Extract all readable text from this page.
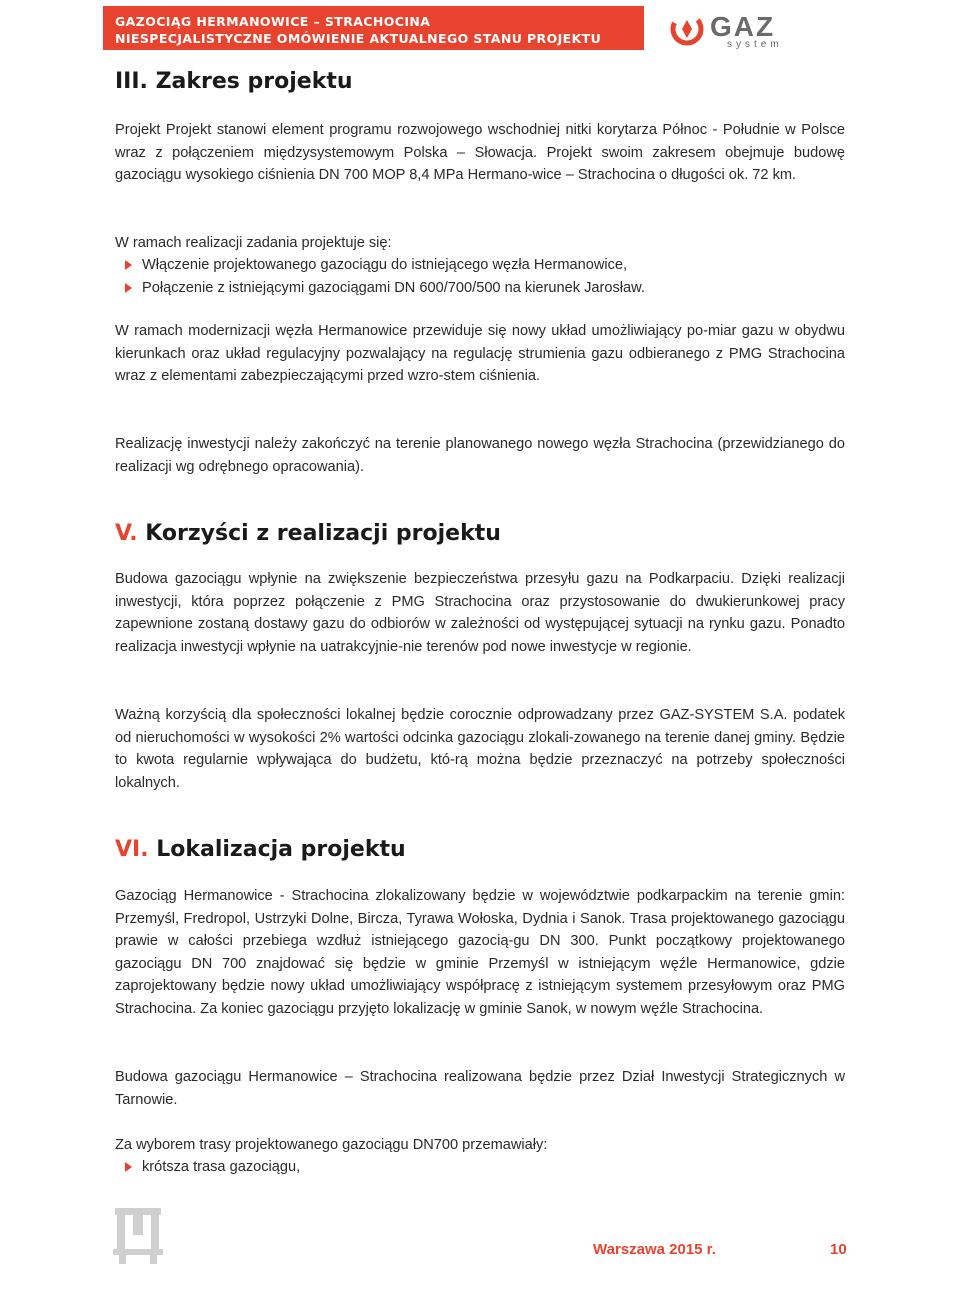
GAZOCIĄG HERMANOWICE – STRACHOCINA
NIESPECJALISTYCZNE OMÓWIENIE AKTUALNEGO STANU PROJEKTU	GAZ
system
III. Zakres projektu

Projekt Projekt stanowi element programu rozwojowego wschodniej nitki korytarza Północ - Południe w Polsce wraz z połączeniem międzysystemowym Polska – Słowacja. Projekt swoim zakresem obejmuje budowę gazociągu wysokiego ciśnienia DN 700 MOP 8,4 MPa Hermano-wice – Strachocina o długości ok. 72 km.

W ramach realizacji zadania projektuje się:

Włączenie projektowanego gazociągu do istniejącego węzła Hermanowice,
Połączenie z istniejącymi gazociągami DN 600/700/500 na kierunek Jarosław.

W ramach modernizacji węzła Hermanowice przewiduje się nowy układ umożliwiający po-miar gazu w obydwu kierunkach oraz układ regulacyjny pozwalający na regulację strumienia gazu odbieranego z PMG Strachocina wraz z elementami zabezpieczającymi przed wzro-stem ciśnienia.

Realizację inwestycji należy zakończyć na terenie planowanego nowego węzła Strachocina (przewidzianego do realizacji wg odrębnego opracowania).

V. Korzyści z realizacji projektu

Budowa gazociągu wpłynie na zwiększenie bezpieczeństwa przesyłu gazu na Podkarpaciu. Dzięki realizacji inwestycji, która poprzez połączenie z PMG Strachocina oraz przystosowanie do dwukierunkowej pracy zapewnione zostaną dostawy gazu do odbiorów w zależności od występującej sytuacji na rynku gazu. Ponadto realizacja inwestycji wpłynie na uatrakcyjnie-nie terenów pod nowe inwestycje w regionie.

Ważną korzyścią dla społeczności lokalnej będzie corocznie odprowadzany przez GAZ-SYSTEM S.A. podatek od nieruchomości w wysokości 2% wartości odcinka gazociągu zlokali-zowanego na terenie danej gminy. Będzie to kwota regularnie wpływająca do budżetu, któ-rą można będzie przeznaczyć na potrzeby społeczności lokalnych.

VI. Lokalizacja projektu

Gazociąg Hermanowice - Strachocina zlokalizowany będzie w województwie podkarpackim na terenie gmin: Przemyśl, Fredropol, Ustrzyki Dolne, Bircza, Tyrawa Wołoska, Dydnia i Sanok. Trasa projektowanego gazociągu prawie w całości przebiega wzdłuż istniejącego gazocią-gu DN 300. Punkt początkowy projektowanego gazociągu DN 700 znajdować się będzie w gminie Przemyśl w istniejącym węźle Hermanowice, gdzie zaprojektowany będzie nowy układ umożliwiający współpracę z istniejącym systemem przesyłowym oraz PMG Strachocina. Za koniec gazociągu przyjęto lokalizację w gminie Sanok, w nowym węźle Strachocina.

Budowa gazociągu Hermanowice – Strachocina realizowana będzie przez Dział Inwestycji Strategicznych w Tarnowie.

Za wyborem trasy projektowanego gazociągu DN700 przemawiały:

krótsza trasa gazociągu,
Warszawa 2015 r.	10
